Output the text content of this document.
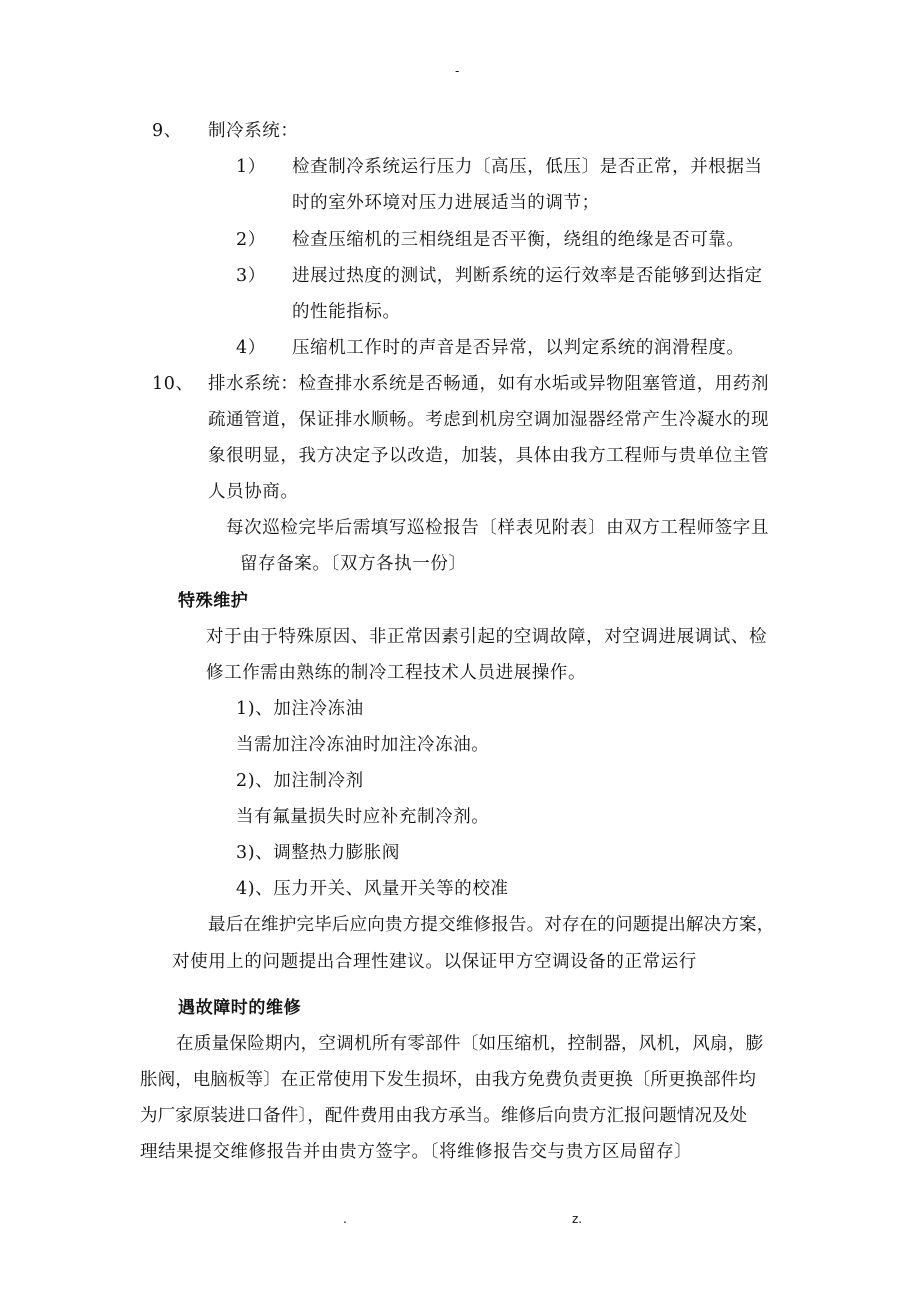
-
9、 制冷系统：
1） 检查制冷系统运行压力〔高压，低压〕是否正常，并根据当
时的室外环境对压力进展适当的调节；
2） 检查压缩机的三相绕组是否平衡，绕组的绝缘是否可靠。
3） 进展过热度的测试，判断系统的运行效率是否能够到达指定
的性能指标。
4） 压缩机工作时的声音是否异常，以判定系统的润滑程度。
10、 排水系统：检查排水系统是否畅通，如有水垢或异物阻塞管道，用药剂
疏通管道，保证排水顺畅。考虑到机房空调加湿器经常产生冷凝水的现
象很明显，我方决定予以改造，加装，具体由我方工程师与贵单位主管
人员协商。
每次巡检完毕后需填写巡检报告〔样表见附表〕由双方工程师签字且
留存备案。〔双方各执一份〕
特殊维护
对于由于特殊原因、非正常因素引起的空调故障，对空调进展调试、检
修工作需由熟练的制冷工程技术人员进展操作。
1)、加注冷冻油
当需加注冷冻油时加注冷冻油。
2)、加注制冷剂
当有氟量损失时应补充制冷剂。
3)、调整热力膨胀阀
4)、压力开关、风量开关等的校准
最后在维护完毕后应向贵方提交维修报告。对存在的问题提出解决方案，
对使用上的问题提出合理性建议。以保证甲方空调设备的正常运行
遇故障时的维修
在质量保险期内，空调机所有零部件〔如压缩机，控制器，风机，风扇，膨
胀阀，电脑板等〕在正常使用下发生损坏，由我方免费负责更换〔所更换部件均
为厂家原装进口备件〕，配件费用由我方承当。维修后向贵方汇报问题情况及处
理结果提交维修报告并由贵方签字。〔将维修报告交与贵方区局留存〕
.	z.
